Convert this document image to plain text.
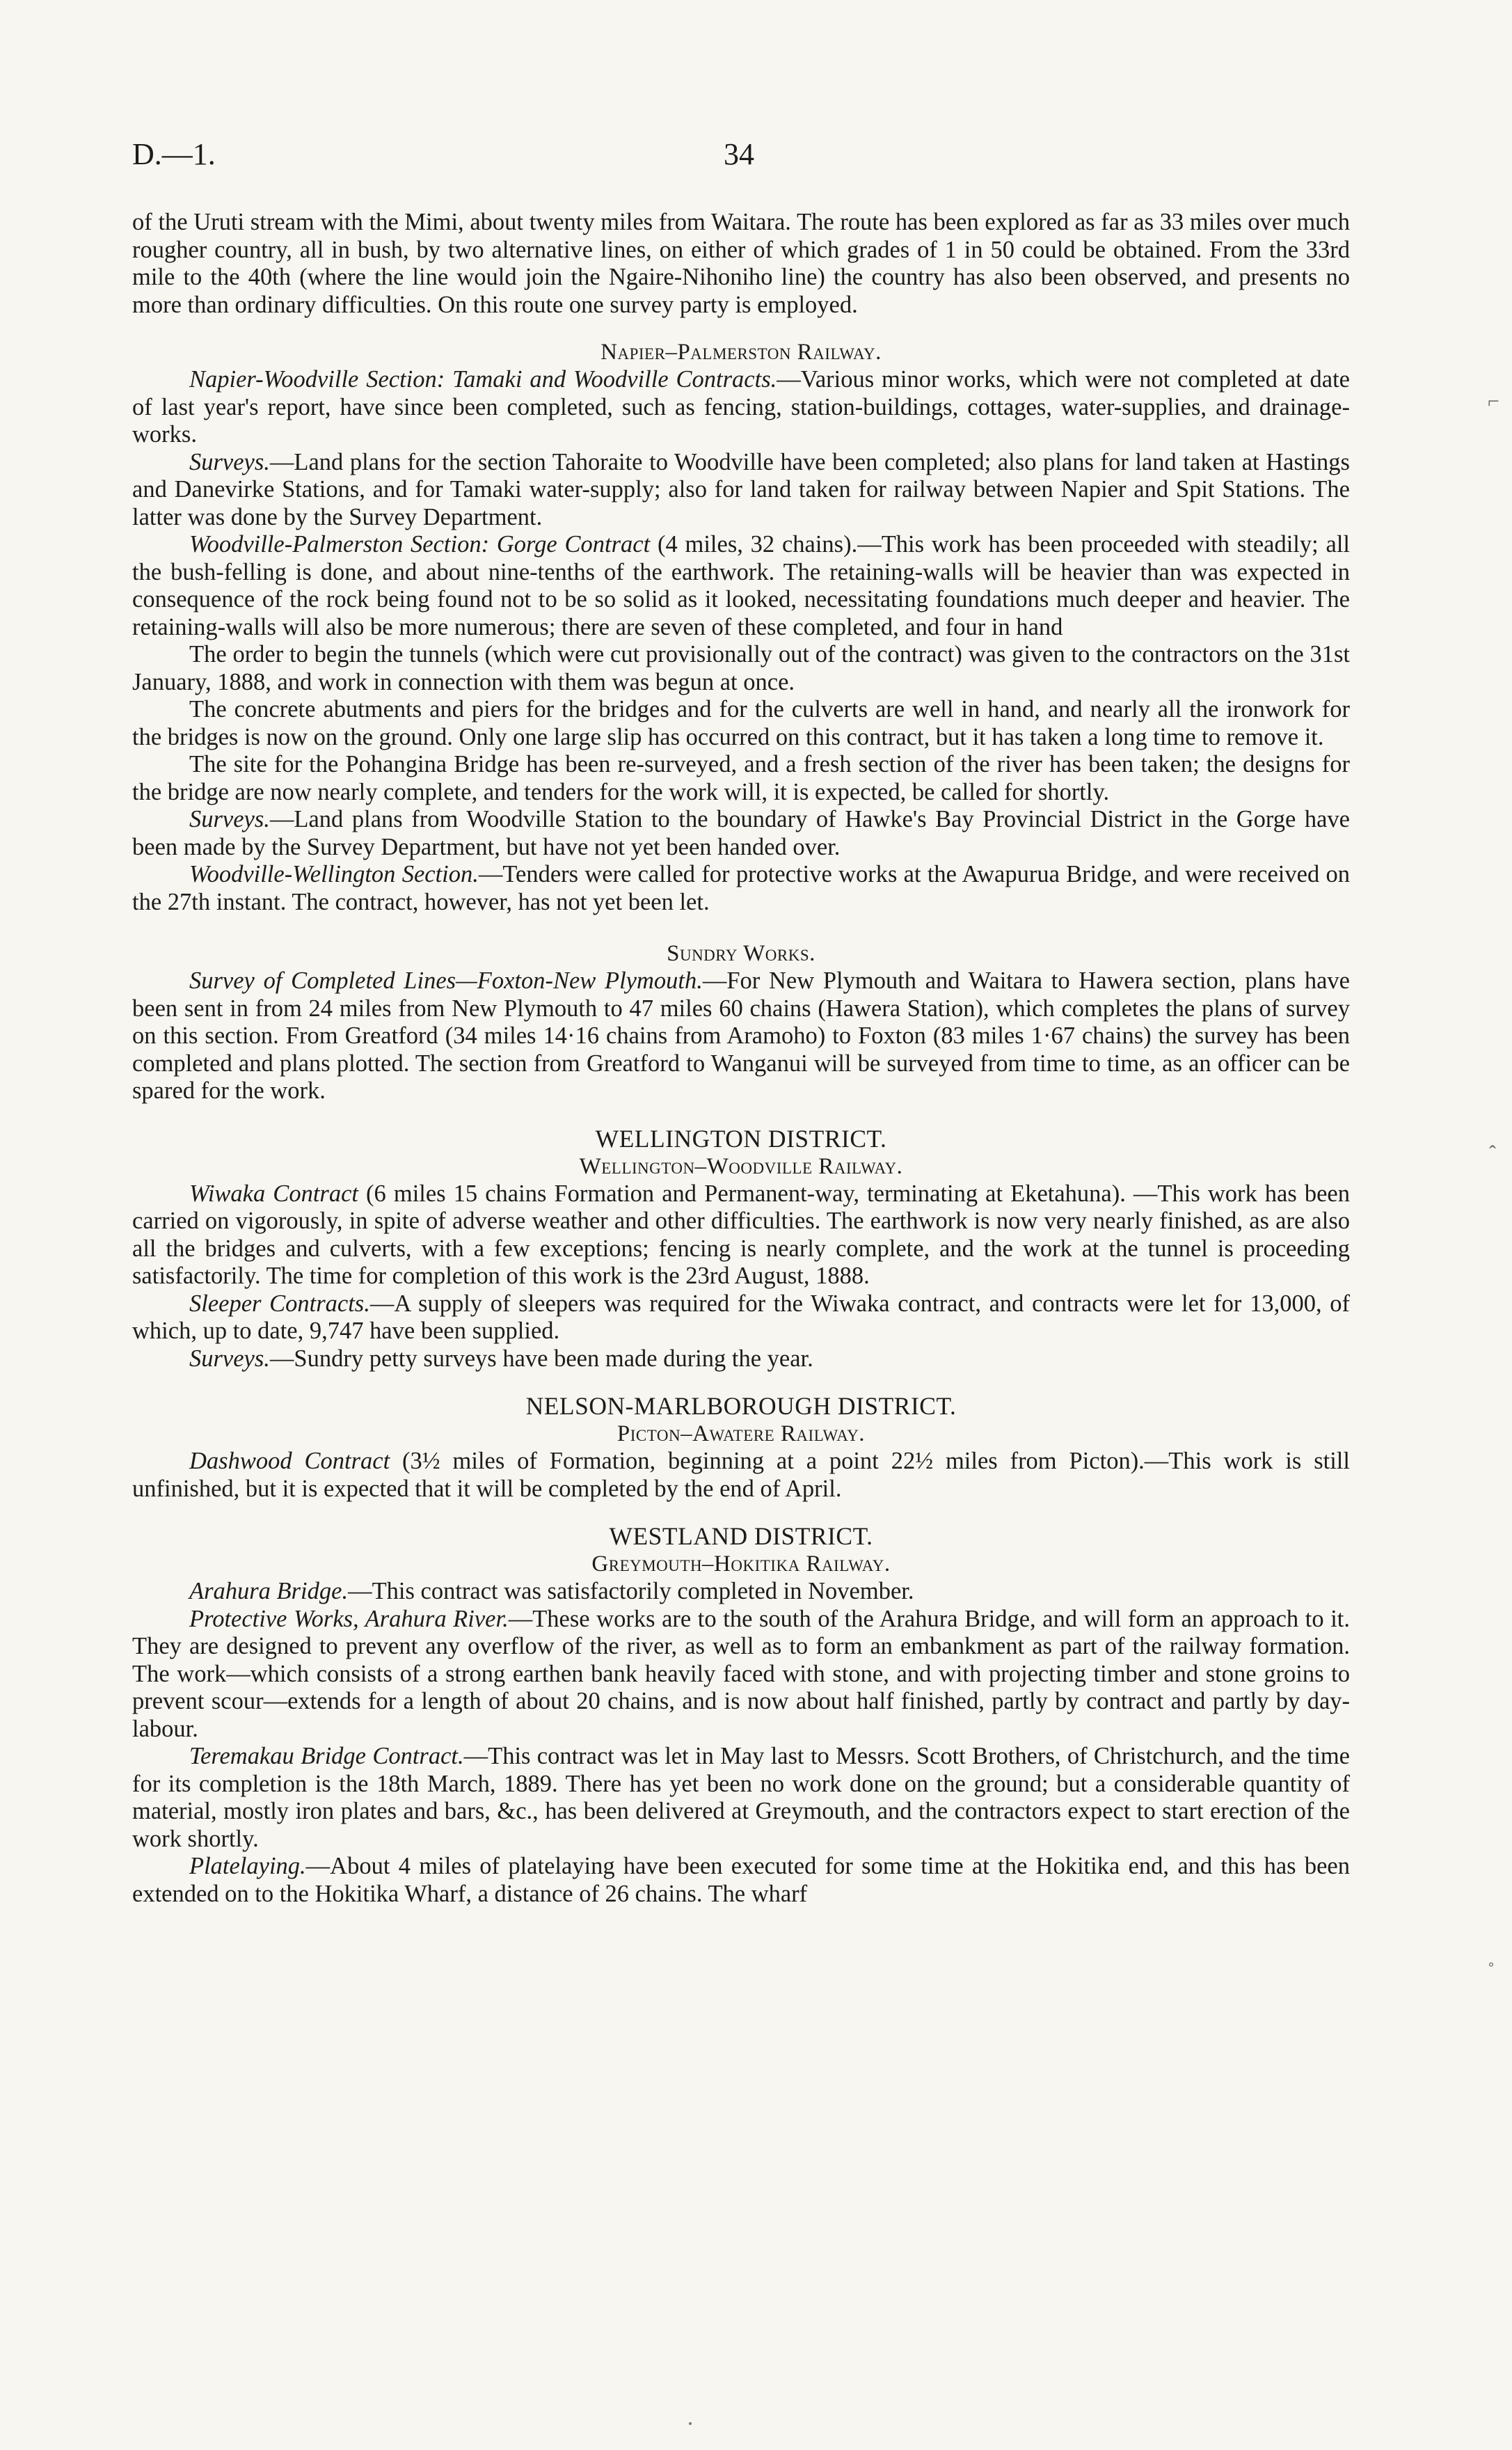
D.—1.	34

of the Uruti stream with the Mimi, about twenty miles from Waitara. The route has been explored as far as 33 miles over much rougher country, all in bush, by two alternative lines, on either of which grades of 1 in 50 could be obtained. From the 33rd mile to the 40th (where the line would join the Ngaire-Nihoniho line) the country has also been observed, and presents no more than ordinary difficulties. On this route one survey party is employed.

Napier–Palmerston Railway.

Napier-Woodville Section: Tamaki and Woodville Contracts.—Various minor works, which were not completed at date of last year's report, have since been completed, such as fencing, station-buildings, cottages, water-supplies, and drainage-works.

Surveys.—Land plans for the section Tahoraite to Woodville have been completed; also plans for land taken at Hastings and Danevirke Stations, and for Tamaki water-supply; also for land taken for railway between Napier and Spit Stations. The latter was done by the Survey Department.

Woodville-Palmerston Section: Gorge Contract (4 miles, 32 chains).—This work has been proceeded with steadily; all the bush-felling is done, and about nine-tenths of the earthwork. The retaining-walls will be heavier than was expected in consequence of the rock being found not to be so solid as it looked, necessitating foundations much deeper and heavier. The retaining-walls will also be more numerous; there are seven of these completed, and four in hand

The order to begin the tunnels (which were cut provisionally out of the contract) was given to the contractors on the 31st January, 1888, and work in connection with them was begun at once.

The concrete abutments and piers for the bridges and for the culverts are well in hand, and nearly all the ironwork for the bridges is now on the ground. Only one large slip has occurred on this contract, but it has taken a long time to remove it.

The site for the Pohangina Bridge has been re-surveyed, and a fresh section of the river has been taken; the designs for the bridge are now nearly complete, and tenders for the work will, it is expected, be called for shortly.

Surveys.—Land plans from Woodville Station to the boundary of Hawke's Bay Provincial District in the Gorge have been made by the Survey Department, but have not yet been handed over.

Woodville-Wellington Section.—Tenders were called for protective works at the Awapurua Bridge, and were received on the 27th instant. The contract, however, has not yet been let.

Sundry Works.

Survey of Completed Lines—Foxton-New Plymouth.—For New Plymouth and Waitara to Hawera section, plans have been sent in from 24 miles from New Plymouth to 47 miles 60 chains (Hawera Station), which completes the plans of survey on this section. From Greatford (34 miles 14·16 chains from Aramoho) to Foxton (83 miles 1·67 chains) the survey has been completed and plans plotted. The section from Greatford to Wanganui will be surveyed from time to time, as an officer can be spared for the work.

WELLINGTON DISTRICT.
Wellington–Woodville Railway.

Wiwaka Contract (6 miles 15 chains Formation and Permanent-way, terminating at Eketahuna). —This work has been carried on vigorously, in spite of adverse weather and other difficulties. The earthwork is now very nearly finished, as are also all the bridges and culverts, with a few exceptions; fencing is nearly complete, and the work at the tunnel is proceeding satisfactorily. The time for completion of this work is the 23rd August, 1888.

Sleeper Contracts.—A supply of sleepers was required for the Wiwaka contract, and contracts were let for 13,000, of which, up to date, 9,747 have been supplied.

Surveys.—Sundry petty surveys have been made during the year.

NELSON-MARLBOROUGH DISTRICT.
Picton–Awatere Railway.

Dashwood Contract (3½ miles of Formation, beginning at a point 22½ miles from Picton).—This work is still unfinished, but it is expected that it will be completed by the end of April.

WESTLAND DISTRICT.
Greymouth–Hokitika Railway.

Arahura Bridge.—This contract was satisfactorily completed in November.

Protective Works, Arahura River.—These works are to the south of the Arahura Bridge, and will form an approach to it. They are designed to prevent any overflow of the river, as well as to form an embankment as part of the railway formation. The work—which consists of a strong earthen bank heavily faced with stone, and with projecting timber and stone groins to prevent scour—extends for a length of about 20 chains, and is now about half finished, partly by contract and partly by day-labour.

Teremakau Bridge Contract.—This contract was let in May last to Messrs. Scott Brothers, of Christchurch, and the time for its completion is the 18th March, 1889. There has yet been no work done on the ground; but a considerable quantity of material, mostly iron plates and bars, &c., has been delivered at Greymouth, and the contractors expect to start erection of the work shortly.

Platelaying.—About 4 miles of platelaying have been executed for some time at the Hokitika end, and this has been extended on to the Hokitika Wharf, a distance of 26 chains. The wharf

⌐
ˆ
˚
